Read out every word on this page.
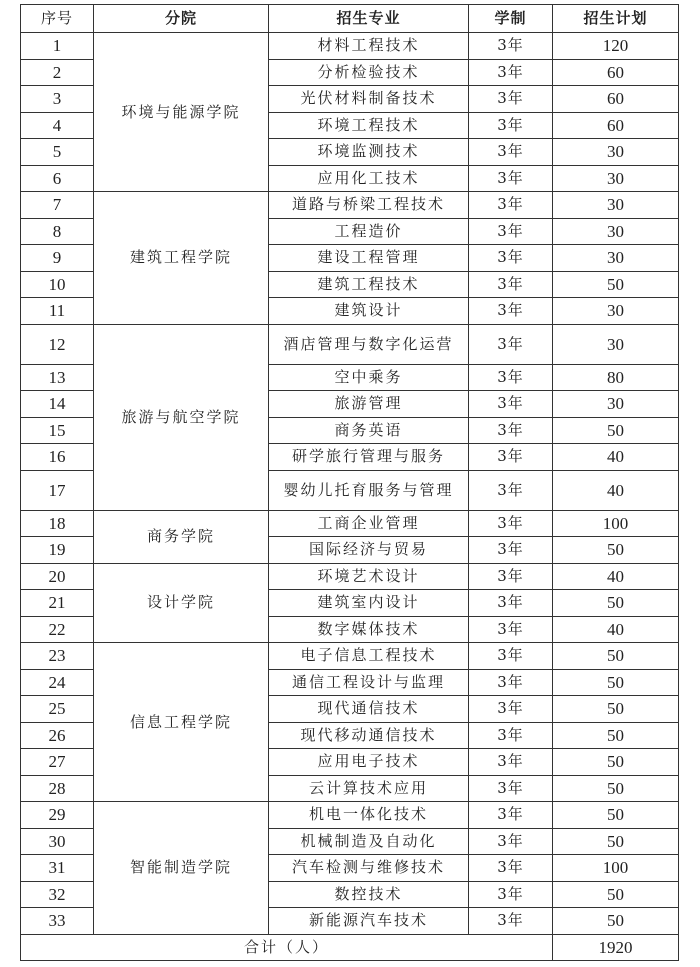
序号	分院	招生专业	学制	招生计划
1	环境与能源学院	材料工程技术	3年	120
2		分析检验技术	3年	60
3		光伏材料制备技术	3年	60
4		环境工程技术	3年	60
5		环境监测技术	3年	30
6		应用化工技术	3年	30
7	建筑工程学院	道路与桥梁工程技术	3年	30
8		工程造价	3年	30
9		建设工程管理	3年	30
10		建筑工程技术	3年	50
11		建筑设计	3年	30
12	旅游与航空学院	酒店管理与数字化运营	3年	30
13		空中乘务	3年	80
14		旅游管理	3年	30
15		商务英语	3年	50
16		研学旅行管理与服务	3年	40
17		婴幼儿托育服务与管理	3年	40
18	商务学院	工商企业管理	3年	100
19		国际经济与贸易	3年	50
20	设计学院	环境艺术设计	3年	40
21		建筑室内设计	3年	50
22		数字媒体技术	3年	40
23	信息工程学院	电子信息工程技术	3年	50
24		通信工程设计与监理	3年	50
25		现代通信技术	3年	50
26		现代移动通信技术	3年	50
27		应用电子技术	3年	50
28		云计算技术应用	3年	50
29	智能制造学院	机电一体化技术	3年	50
30		机械制造及自动化	3年	50
31		汽车检测与维修技术	3年	100
32		数控技术	3年	50
33		新能源汽车技术	3年	50
合计（人）				1920
